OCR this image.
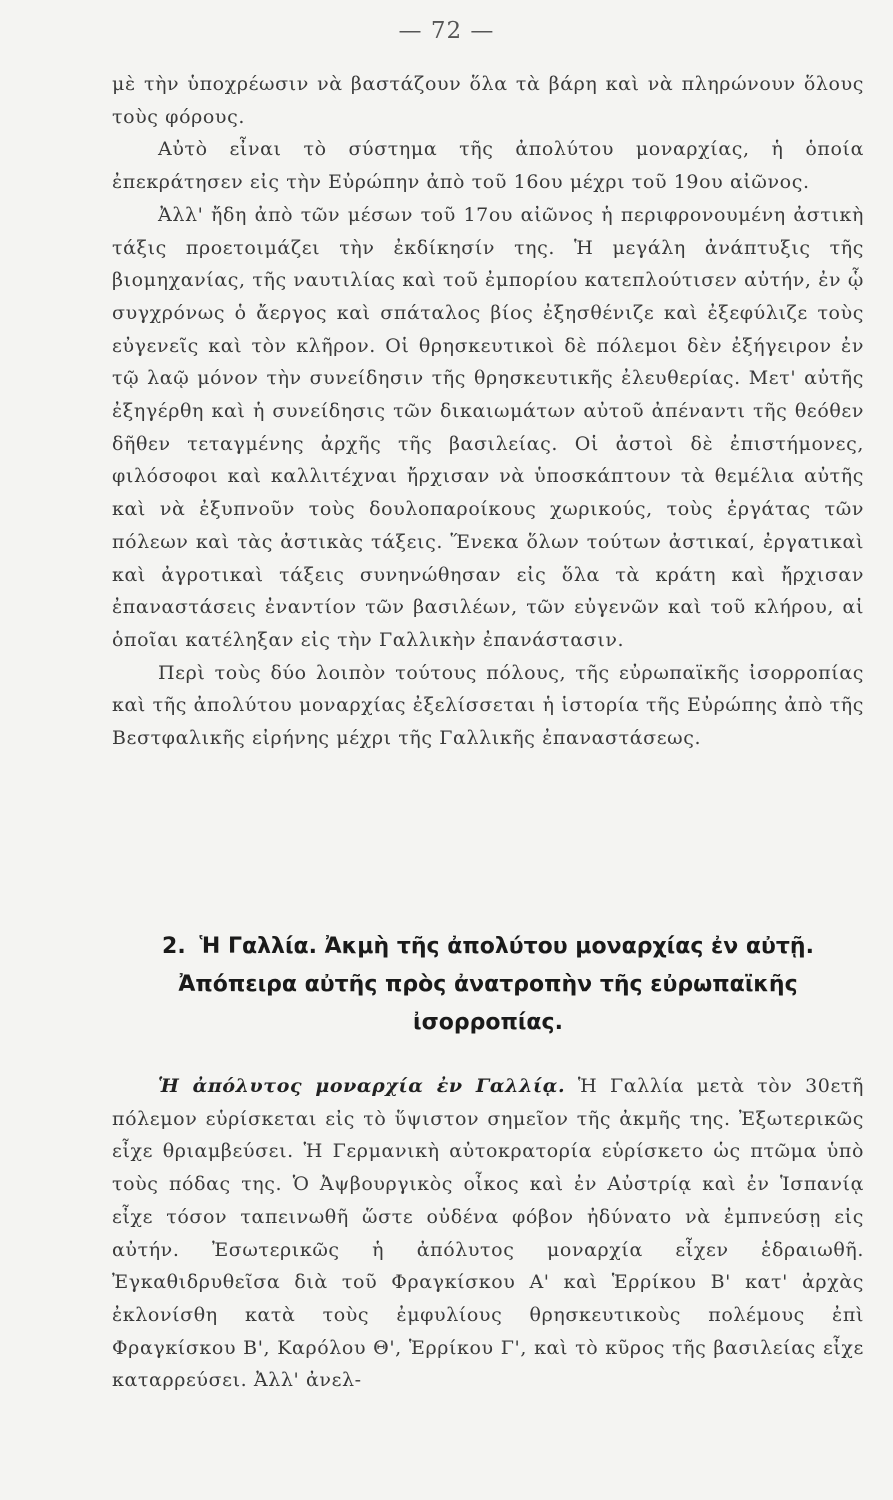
— 72 —

μὲ τὴν ὑποχρέωσιν νὰ βαστάζουν ὅλα τὰ βάρη καὶ νὰ πληρώνουν ὅλους τοὺς φόρους.

Αὐτὸ εἶναι τὸ σύστημα τῆς ἀπολύτου μοναρχίας, ἡ ὁποία ἐπεκράτησεν εἰς τὴν Εὐρώπην ἀπὸ τοῦ 16ου μέχρι τοῦ 19ου αἰῶνος.

Ἀλλ' ἤδη ἀπὸ τῶν μέσων τοῦ 17ου αἰῶνος ἡ περιφρονουμένη ἀστικὴ τάξις προετοιμάζει τὴν ἐκδίκησίν της. Ἡ μεγάλη ἀνάπτυξις τῆς βιομηχανίας, τῆς ναυτιλίας καὶ τοῦ ἐμπορίου κατεπλούτισεν αὐτήν, ἐν ᾧ συγχρόνως ὁ ἄεργος καὶ σπάταλος βίος ἐξησθένιζε καὶ ἐξεφύλιζε τοὺς εὐγενεῖς καὶ τὸν κλῆρον. Οἱ θρησκευτικοὶ δὲ πόλεμοι δὲν ἐξήγειρον ἐν τῷ λαῷ μόνον τὴν συνείδησιν τῆς θρησκευτικῆς ἐλευθερίας. Μετ' αὐτῆς ἐξηγέρθη καὶ ἡ συνείδησις τῶν δικαιωμάτων αὐτοῦ ἀπέναντι τῆς θεόθεν δῆθεν τεταγμένης ἀρχῆς τῆς βασιλείας. Οἱ ἀστοὶ δὲ ἐπιστήμονες, φιλόσοφοι καὶ καλλιτέχναι ἤρχισαν νὰ ὑποσκάπτουν τὰ θεμέλια αὐτῆς καὶ νὰ ἐξυπνοῦν τοὺς δουλοπαροίκους χωρικούς, τοὺς ἐργάτας τῶν πόλεων καὶ τὰς ἀστικὰς τάξεις. Ἕνεκα ὅλων τούτων ἀστικαί, ἐργατικαὶ καὶ ἀγροτικαὶ τάξεις συνηνώθησαν εἰς ὅλα τὰ κράτη καὶ ἤρχισαν ἐπαναστάσεις ἐναντίον τῶν βασιλέων, τῶν εὐγενῶν καὶ τοῦ κλήρου, αἱ ὁποῖαι κατέληξαν εἰς τὴν Γαλλικὴν ἐπανάστασιν.

Περὶ τοὺς δύο λοιπὸν τούτους πόλους, τῆς εὐρωπαϊκῆς ἰσορροπίας καὶ τῆς ἀπολύτου μοναρχίας ἐξελίσσεται ἡ ἱστορία τῆς Εὐρώπης ἀπὸ τῆς Βεστφαλικῆς εἰρήνης μέχρι τῆς Γαλλικῆς ἐπαναστάσεως.

2. Ἡ Γαλλία. Ἀκμὴ τῆς ἀπολύτου μοναρχίας ἐν αὐτῇ. Ἀπόπειρα αὐτῆς πρὸς ἀνατροπὴν τῆς εὐρωπαϊκῆς ἰσορροπίας.

Ἡ ἀπόλυτος μοναρχία ἐν Γαλλίᾳ. Ἡ Γαλλία μετὰ τὸν 30ετῆ πόλεμον εὑρίσκεται εἰς τὸ ὕψιστον σημεῖον τῆς ἀκμῆς της. Ἐξωτερικῶς εἶχε θριαμβεύσει. Ἡ Γερμανικὴ αὐτοκρατορία εὑρίσκετο ὡς πτῶμα ὑπὸ τοὺς πόδας της. Ὁ Ἀψβουργικὸς οἶκος καὶ ἐν Αὐστρίᾳ καὶ ἐν Ἱσπανίᾳ εἶχε τόσον ταπεινωθῆ ὥστε οὐδένα φόβον ἠδύνατο νὰ ἐμπνεύσῃ εἰς αὐτήν. Ἐσωτερικῶς ἡ ἀπόλυτος μοναρχία εἶχεν ἑδραιωθῆ. Ἐγκαθιδρυθεῖσα διὰ τοῦ Φραγκίσκου Α' καὶ Ἑρρίκου Β' κατ' ἀρχὰς ἐκλονίσθη κατὰ τοὺς ἐμφυλίους θρησκευτικοὺς πολέμους ἐπὶ Φραγκίσκου Β', Καρόλου Θ', Ἑρρίκου Γ', καὶ τὸ κῦρος τῆς βασιλείας εἶχε καταρρεύσει. Ἀλλ' ἀνελ-
